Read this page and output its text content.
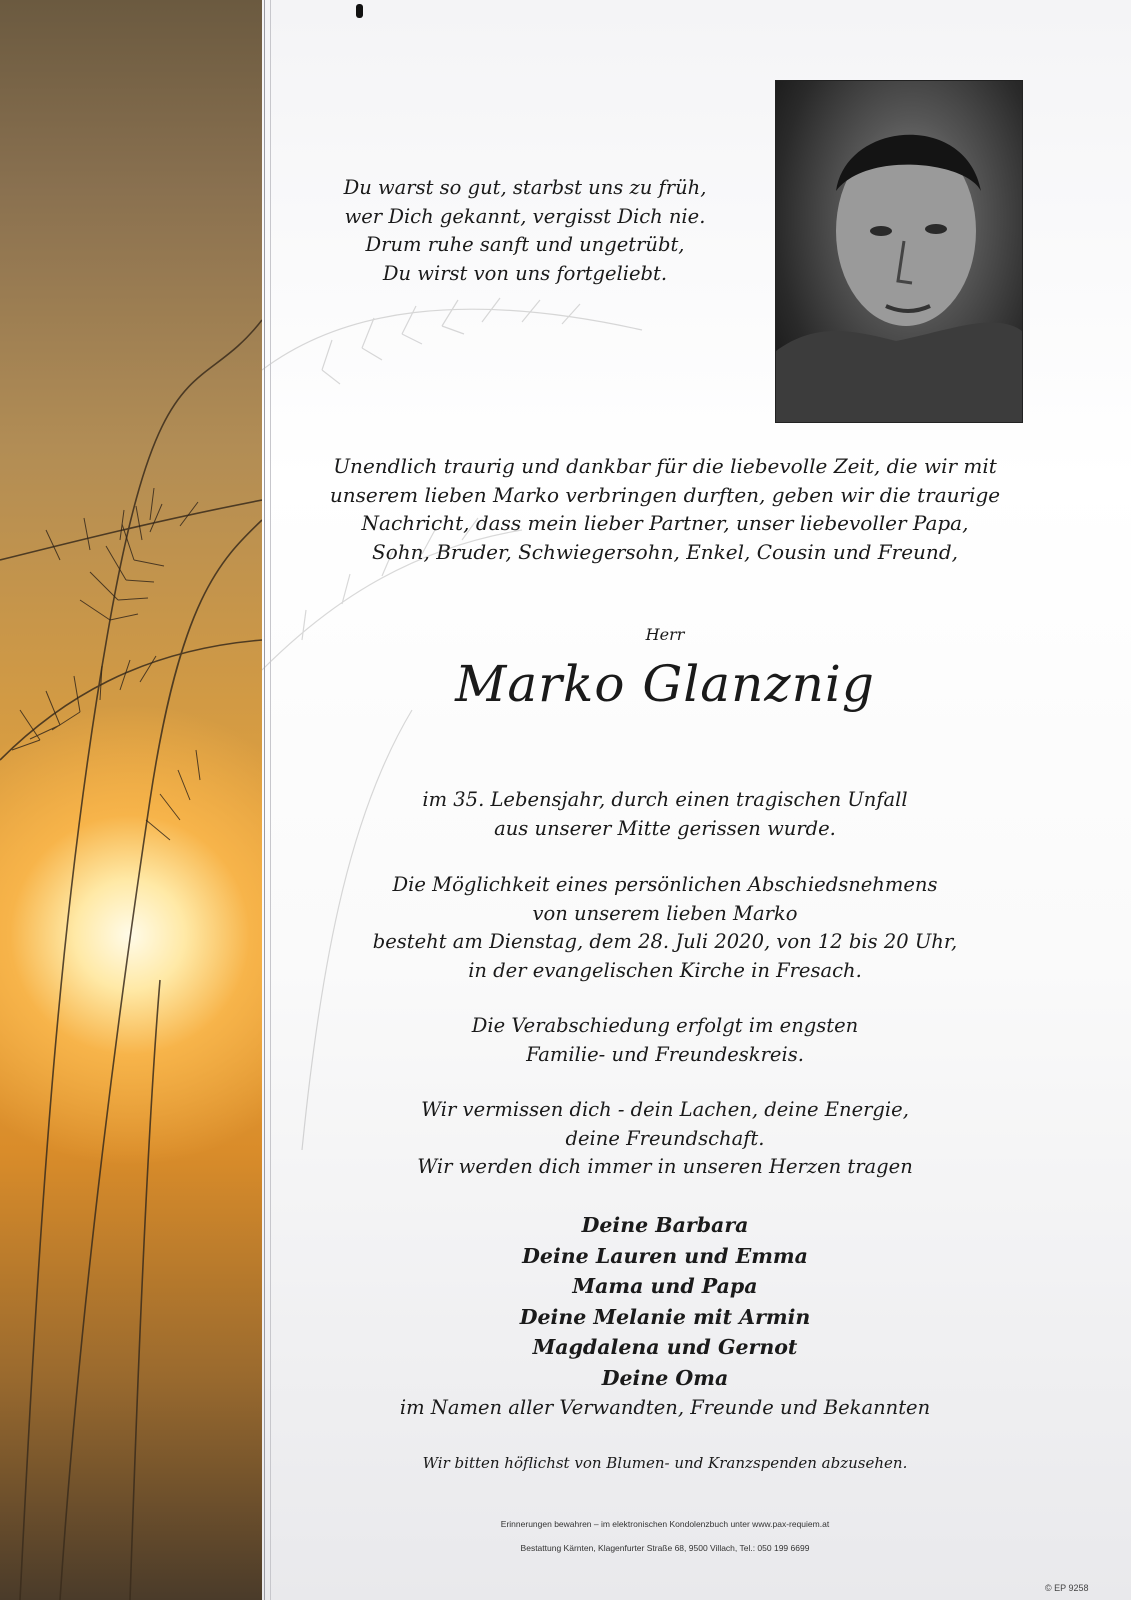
Du warst so gut, starbst uns zu früh,
wer Dich gekannt, vergisst Dich nie.
Drum ruhe sanft und ungetrübt,
Du wirst von uns fortgeliebt.
Unendlich traurig und dankbar für die liebevolle Zeit, die wir mit
unserem lieben Marko verbringen durften, geben wir die traurige
Nachricht, dass mein lieber Partner, unser liebevoller Papa,
Sohn, Bruder, Schwiegersohn, Enkel, Cousin und Freund,
Herr
Marko Glanznig
im 35. Lebensjahr, durch einen tragischen Unfall
aus unserer Mitte gerissen wurde.
Die Möglichkeit eines persönlichen Abschiedsnehmens
von unserem lieben Marko
besteht am Dienstag, dem 28. Juli 2020, von 12 bis 20 Uhr,
in der evangelischen Kirche in Fresach.
Die Verabschiedung erfolgt im engsten
Familie- und Freundeskreis.
Wir vermissen dich - dein Lachen, deine Energie,
deine Freundschaft.
Wir werden dich immer in unseren Herzen tragen
Deine Barbara
Deine Lauren und Emma
Mama und Papa
Deine Melanie mit Armin
Magdalena und Gernot
Deine Oma
im Namen aller Verwandten, Freunde und Bekannten
Wir bitten höflichst von Blumen- und Kranzspenden abzusehen.
Erinnerungen bewahren – im elektronischen Kondolenzbuch unter www.pax-requiem.at
Bestattung Kärnten, Klagenfurter Straße 68, 9500 Villach, Tel.: 050 199 6699
© EP 9258
